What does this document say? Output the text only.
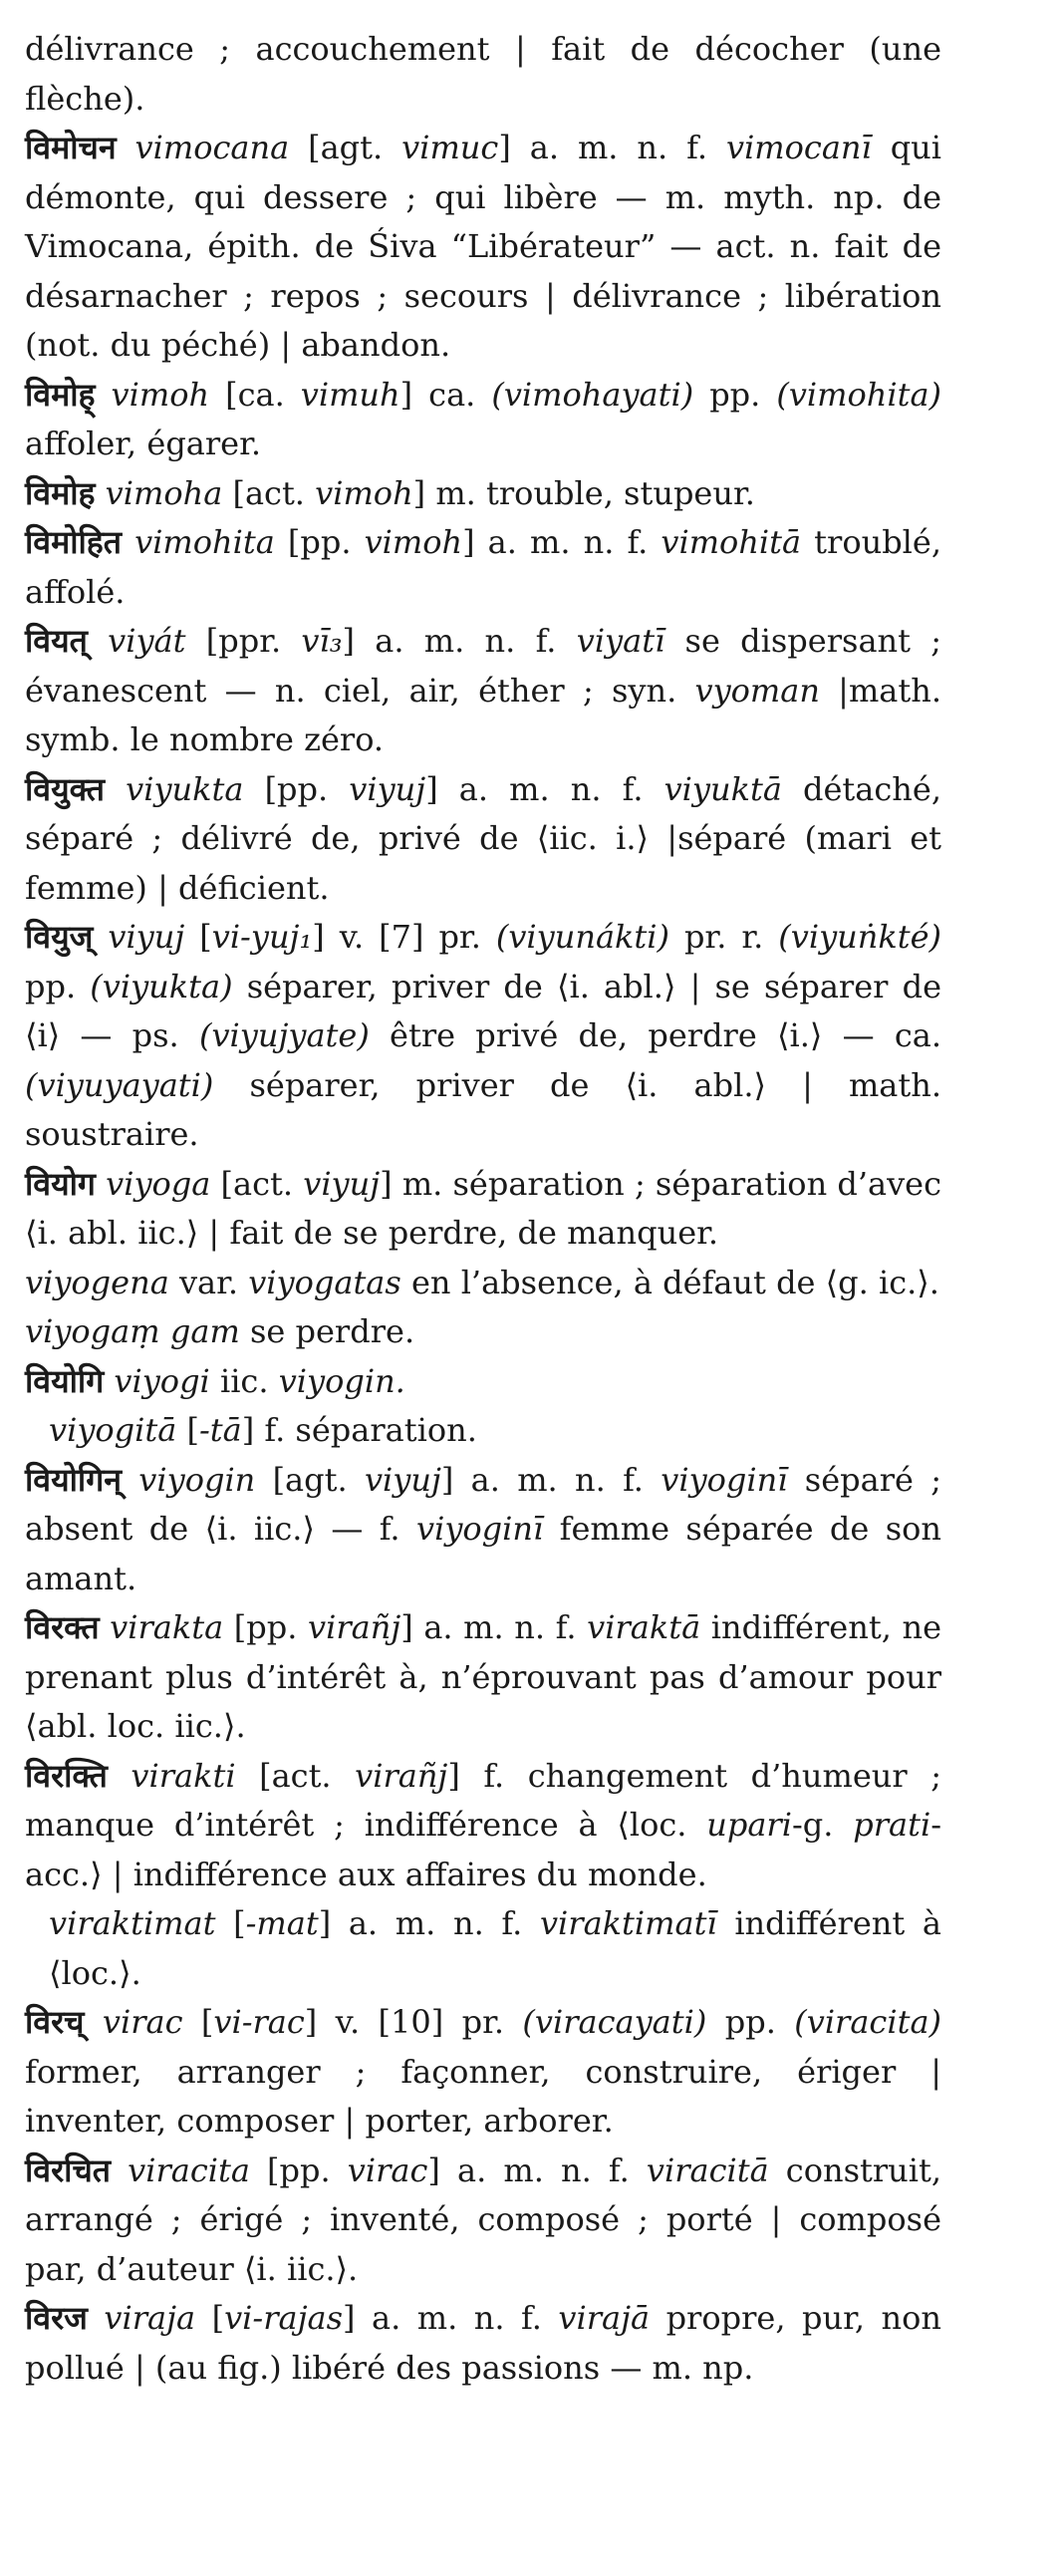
délivrance ; accouchement | fait de décocher (une flèche).

विमोचन vimocana [agt. vimuc] a. m. n. f. vimocanī qui démonte, qui dessere ; qui libère — m. myth. np. de Vimocana, épith. de Śiva “Libérateur” — act. n. fait de désarnacher ; repos ; secours | délivrance ; libération (not. du péché) | abandon.

विमोह् vimoh [ca. vimuh] ca. (vimohayati) pp. (vimohita) affoler, égarer.

विमोह vimoha [act. vimoh] m. trouble, stupeur.

विमोहित vimohita [pp. vimoh] a. m. n. f. vimohitā troublé, affolé.

वियत् viyát [ppr. vī₃] a. m. n. f. viyatī se dispersant ; évanescent — n. ciel, air, éther ; syn. vyoman |math. symb. le nombre zéro.

वियुक्त viyukta [pp. viyuj] a. m. n. f. viyuktā détaché, séparé ; délivré de, privé de ⟨iic. i.⟩ |séparé (mari et femme) | déficient.

वियुज् viyuj [vi-yuj₁] v. [7] pr. (viyunákti) pr. r. (viyuṅkté) pp. (viyukta) séparer, priver de ⟨i. abl.⟩ | se séparer de ⟨i⟩ — ps. (viyujyate) être privé de, perdre ⟨i.⟩ — ca. (viyuyayati) séparer, priver de ⟨i. abl.⟩ | math. soustraire.

वियोग viyoga [act. viyuj] m. séparation ; séparation d’avec ⟨i. abl. iic.⟩ | fait de se perdre, de manquer.

viyogena var. viyogatas en l’absence, à défaut de ⟨g. ic.⟩.

viyogaṃ gam se perdre.

वियोगि viyogi iic. viyogin.

viyogitā [-tā] f. séparation.

वियोगिन् viyogin [agt. viyuj] a. m. n. f. viyoginī séparé ; absent de ⟨i. iic.⟩ — f. viyoginī femme séparée de son amant.

विरक्त virakta [pp. virañj] a. m. n. f. viraktā indifférent, ne prenant plus d’intérêt à, n’éprouvant pas d’amour pour ⟨abl. loc. iic.⟩.

विरक्ति virakti [act. virañj] f. changement d’humeur ; manque d’intérêt ; indifférence à ⟨loc. upari-g. prati-acc.⟩ | indifférence aux affaires du monde.

viraktimat [-mat] a. m. n. f. viraktimatī indifférent à ⟨loc.⟩.

विरच् virac [vi-rac] v. [10] pr. (viracayati) pp. (viracita) former, arranger ; façonner, construire, ériger | inventer, composer | porter, arborer.

विरचित viracita [pp. virac] a. m. n. f. viracitā construit, arrangé ; érigé ; inventé, composé ; porté | composé par, d’auteur ⟨i. iic.⟩.

विरज viraja [vi-rajas] a. m. n. f. virajā propre, pur, non pollué | (au fig.) libéré des passions — m. np.
